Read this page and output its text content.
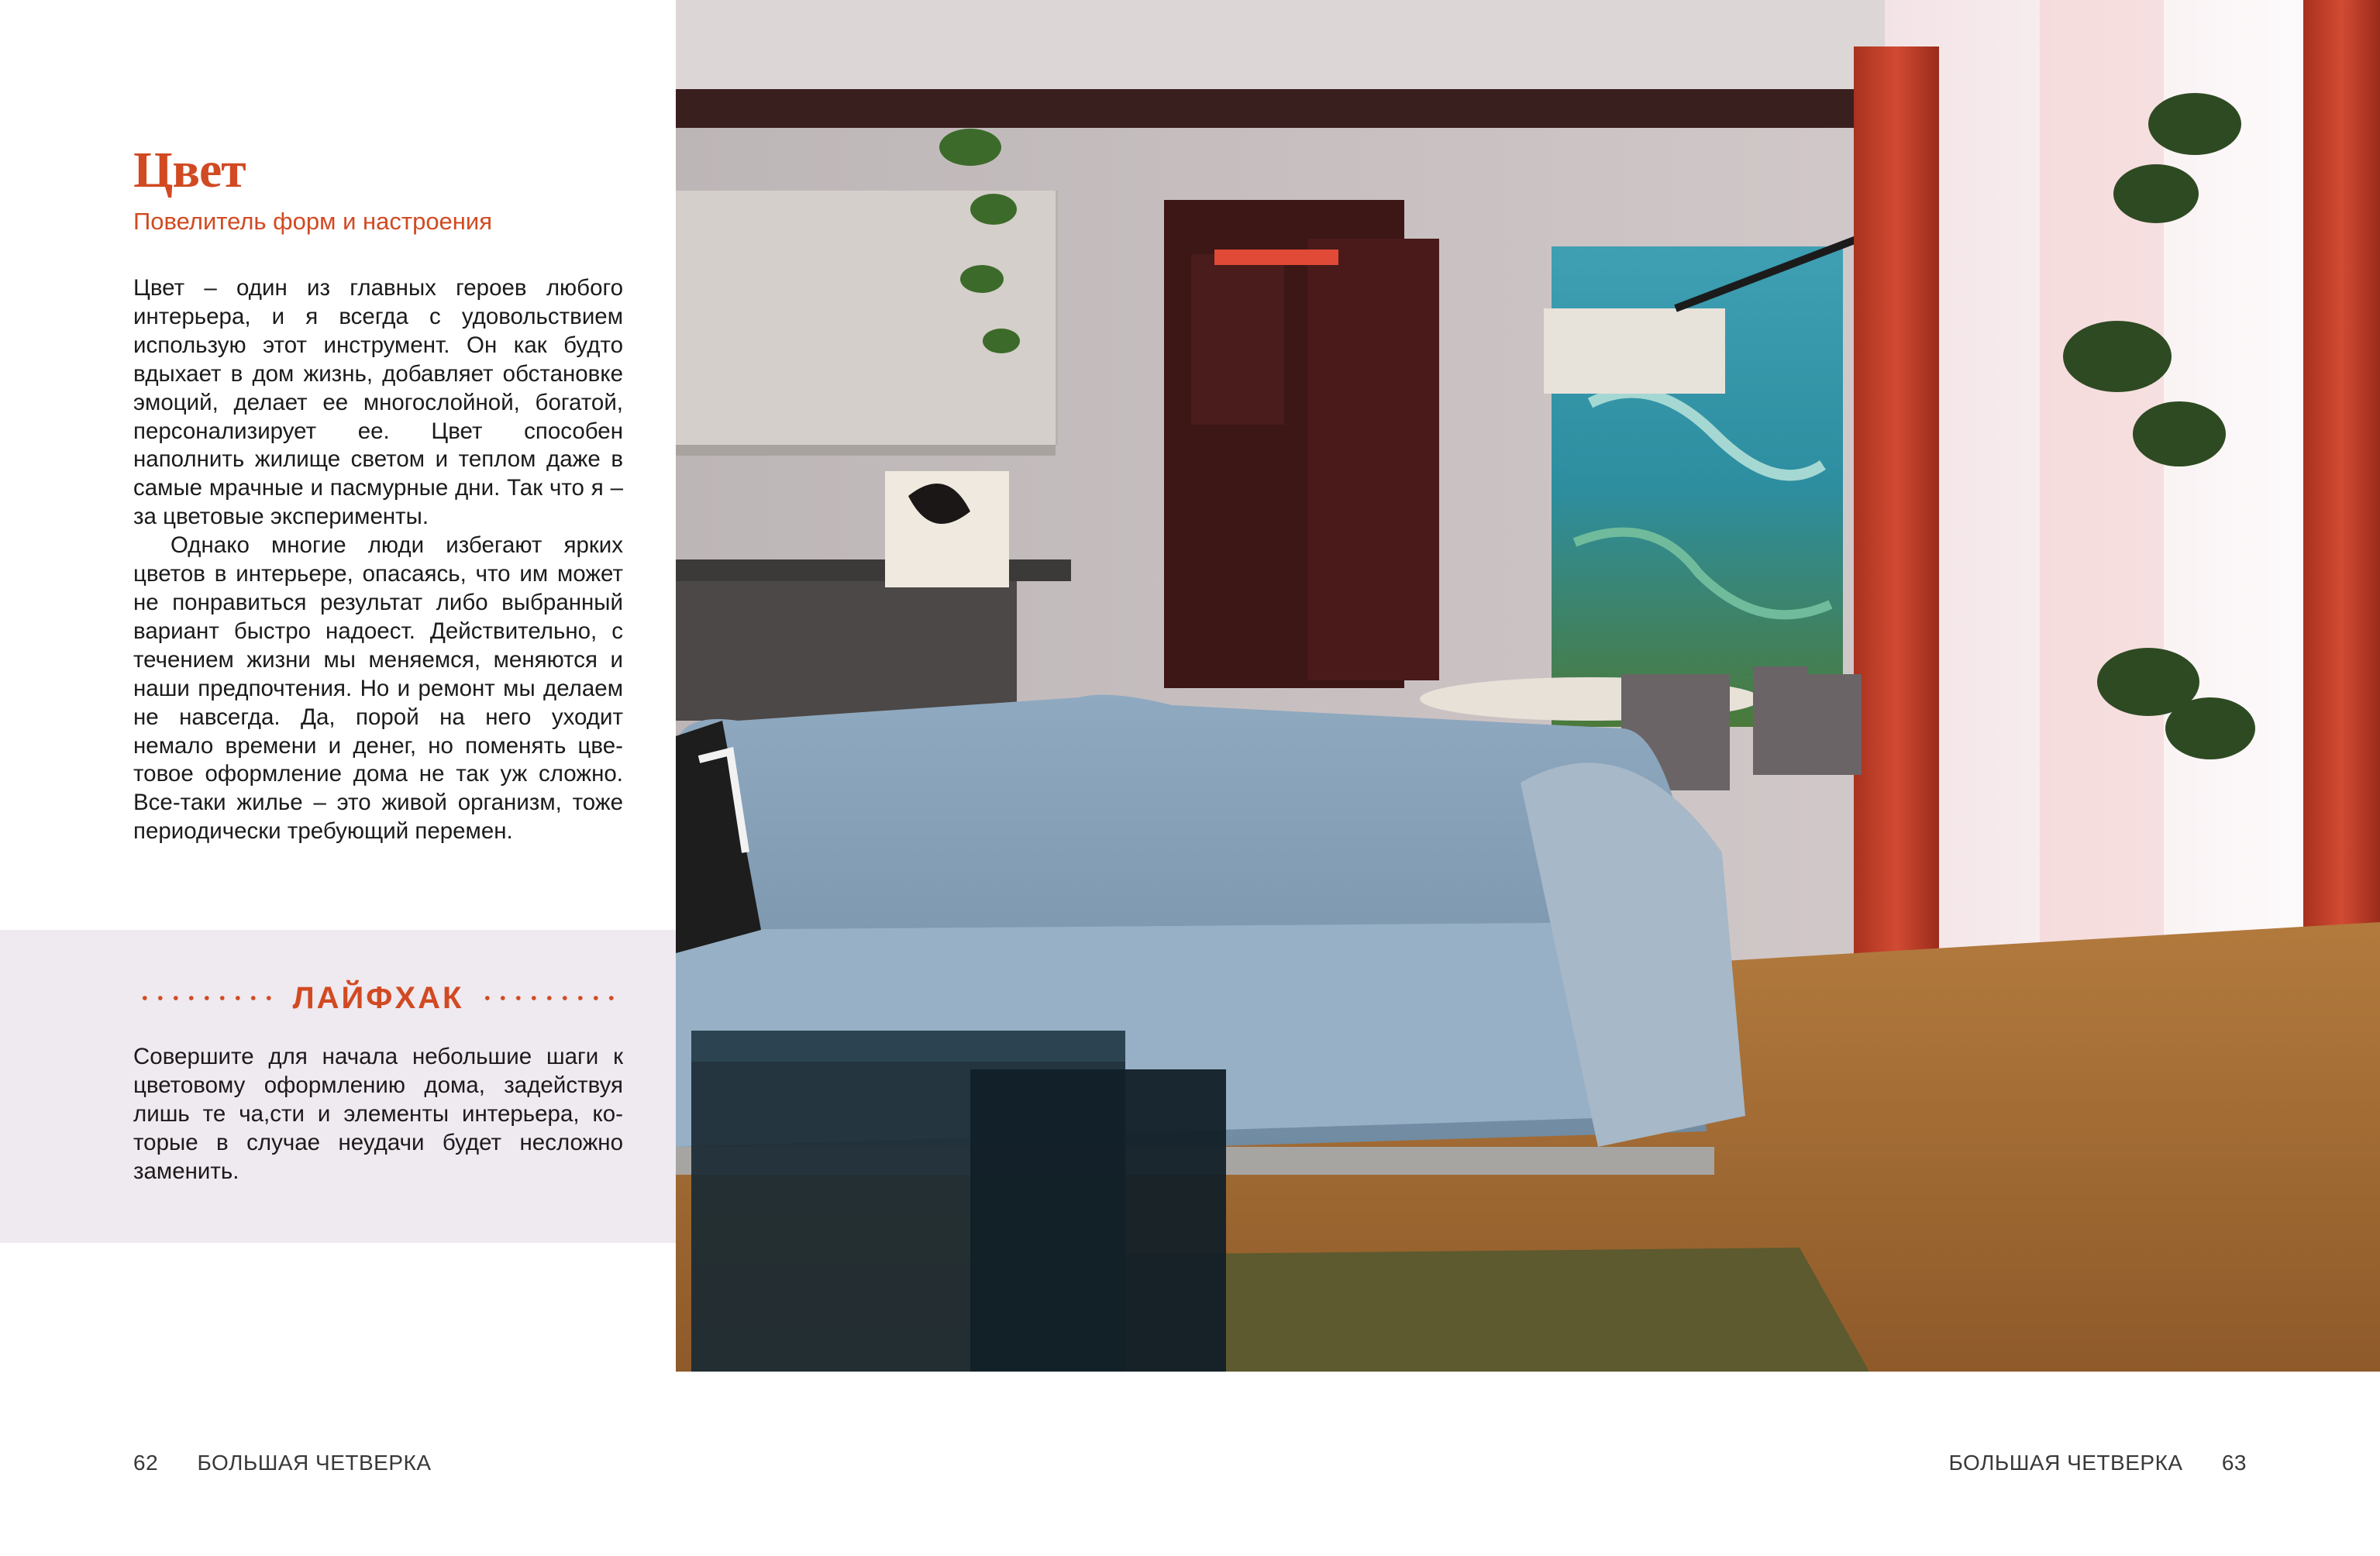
Цвет
Повелитель форм и настроения

Цвет – один из главных героев любого интерьера, и я всегда с удовольствием использую этот инструмент. Он как будто вдыхает в дом жизнь, добавляет обстановке эмоций, делает ее многослойной, богатой, персонализирует ее. Цвет способен наполнить жилище светом и теплом даже в самые мрачные и пасмурные дни. Так что я – за цветовые эксперименты.

Однако многие люди избегают ярких цветов в интерьере, опасаясь, что им может не понравиться результат либо выбранный вариант быстро надоест. Действительно, с течением жизни мы меняемся, меняются и наши предпочтения. Но и ремонт мы делаем не навсегда. Да, порой на него уходит немало времени и денег, но поменять цветовое оформление дома не так уж сложно. Все-таки жилье – это живой организм, тоже периодически требующий перемен.

ЛАЙФХАК
Совершите для начала небольшие шаги к цветовому оформлению дома, задействуя лишь те ча,сти и элементы интерьера, которые в случае неудачи будет несложно заменить.
62 БОЛЬШАЯ ЧЕТВЕРКА	БОЛЬШАЯ ЧЕТВЕРКА 63
